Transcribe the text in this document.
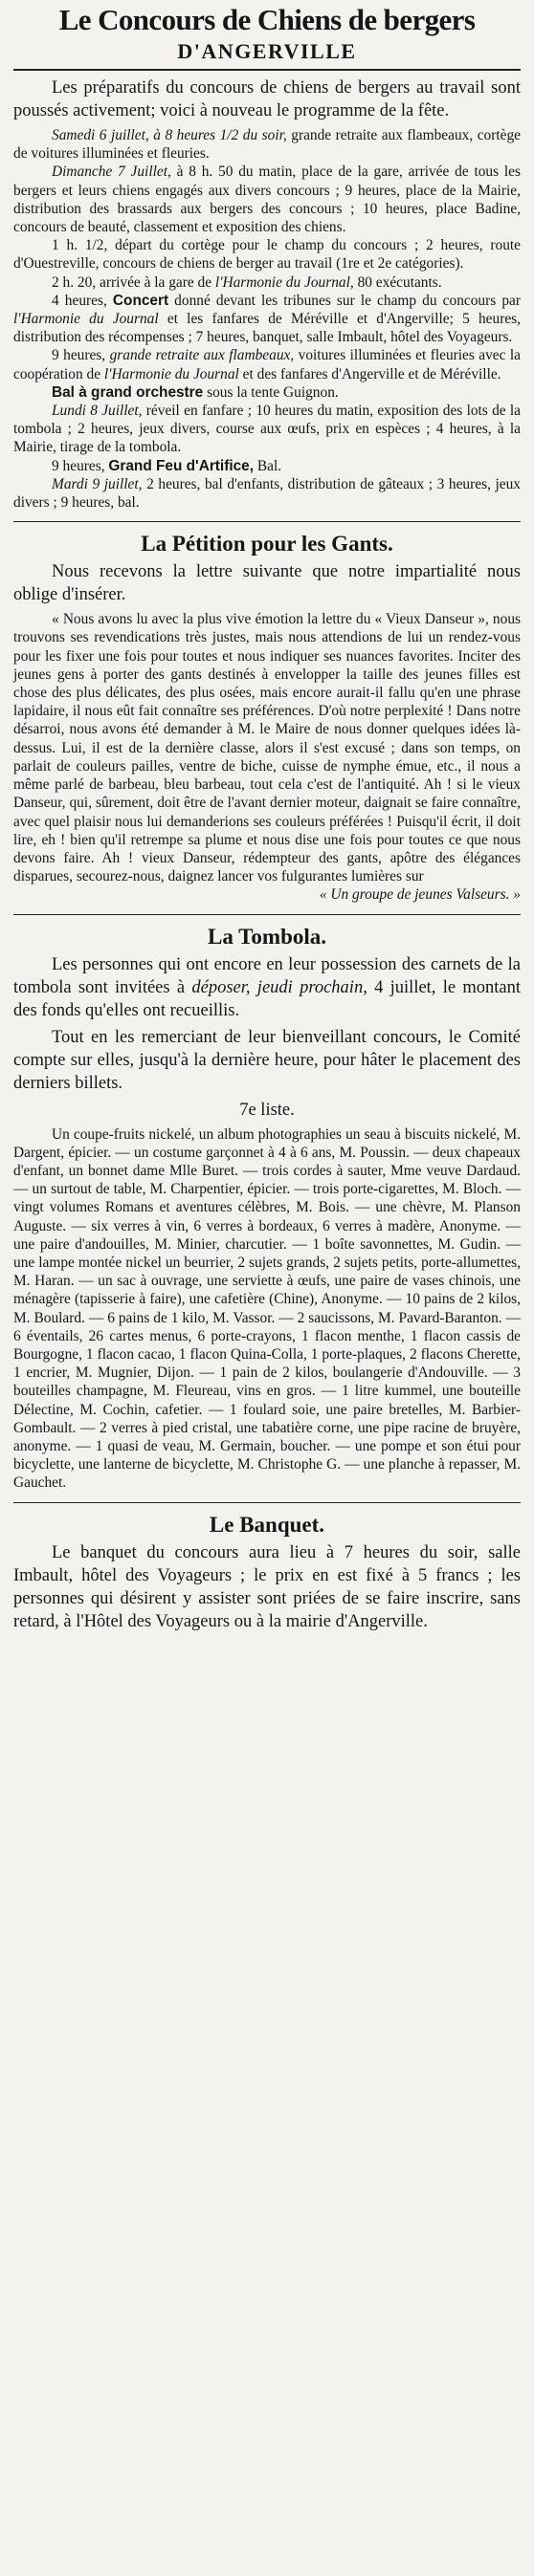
Le Concours de Chiens de bergers
D'ANGERVILLE

Les préparatifs du concours de chiens de bergers au travail sont poussés activement; voici à nouveau le programme de la fête.

Samedi 6 juillet, à 8 heures 1/2 du soir, grande retraite aux flambeaux, cortège de voitures illuminées et fleuries.

Dimanche 7 Juillet, à 8 h. 50 du matin, place de la gare, arrivée de tous les bergers et leurs chiens engagés aux divers concours ; 9 heures, place de la Mairie, distribution des brassards aux bergers des concours ; 10 heures, place Badine, concours de beauté, classement et exposition des chiens.

1 h. 1/2, départ du cortège pour le champ du concours ; 2 heures, route d'Ouestreville, concours de chiens de berger au travail (1re et 2e catégories).

2 h. 20, arrivée à la gare de l'Harmonie du Journal, 80 exécutants.

4 heures, Concert donné devant les tribunes sur le champ du concours par l'Harmonie du Journal et les fanfares de Méréville et d'Angerville; 5 heures, distribution des récompenses ; 7 heures, banquet, salle Imbault, hôtel des Voyageurs.

9 heures, grande retraite aux flambeaux, voitures illuminées et fleuries avec la coopération de l'Harmonie du Journal et des fanfares d'Angerville et de Méréville.

Bal à grand orchestre sous la tente Guignon.

Lundi 8 Juillet, réveil en fanfare ; 10 heures du matin, exposition des lots de la tombola ; 2 heures, jeux divers, course aux œufs, prix en espèces ; 4 heures, à la Mairie, tirage de la tombola.

9 heures, Grand Feu d'Artifice, Bal.

Mardi 9 juillet, 2 heures, bal d'enfants, distribution de gâteaux ; 3 heures, jeux divers ; 9 heures, bal.

La Pétition pour les Gants.

Nous recevons la lettre suivante que notre impartialité nous oblige d'insérer.

« Nous avons lu avec la plus vive émotion la lettre du « Vieux Danseur », nous trouvons ses revendications très justes, mais nous attendions de lui un rendez-vous pour les fixer une fois pour toutes et nous indiquer ses nuances favorites. Inciter des jeunes gens à porter des gants destinés à envelopper la taille des jeunes filles est chose des plus délicates, des plus osées, mais encore aurait-il fallu qu'en une phrase lapidaire, il nous eût fait connaître ses préférences. D'où notre perplexité ! Dans notre désarroi, nous avons été demander à M. le Maire de nous donner quelques idées là-dessus. Lui, il est de la dernière classe, alors il s'est excusé ; dans son temps, on parlait de couleurs pailles, ventre de biche, cuisse de nymphe émue, etc., il nous a même parlé de barbeau, bleu barbeau, tout cela c'est de l'antiquité. Ah ! si le vieux Danseur, qui, sûrement, doit être de l'avant dernier moteur, daignait se faire connaître, avec quel plaisir nous lui demanderions ses couleurs préférées ! Puisqu'il écrit, il doit lire, eh ! bien qu'il retrempe sa plume et nous dise une fois pour toutes ce que nous devons faire. Ah ! vieux Danseur, rédempteur des gants, apôtre des élégances disparues, secourez-nous, daignez lancer vos fulgurantes lumières sur

« Un groupe de jeunes Valseurs. »

La Tombola.

Les personnes qui ont encore en leur possession des carnets de la tombola sont invitées à déposer, jeudi prochain, 4 juillet, le montant des fonds qu'elles ont recueillis.

Tout en les remerciant de leur bienveillant concours, le Comité compte sur elles, jusqu'à la dernière heure, pour hâter le placement des derniers billets.

7e liste.

Un coupe-fruits nickelé, un album photographies un seau à biscuits nickelé, M. Dargent, épicier. — un costume garçonnet à 4 à 6 ans, M. Poussin. — deux chapeaux d'enfant, un bonnet dame Mlle Buret. — trois cordes à sauter, Mme veuve Dardaud. — un surtout de table, M. Charpentier, épicier. — trois porte-cigarettes, M. Bloch. — vingt volumes Romans et aventures célèbres, M. Bois. — une chèvre, M. Planson Auguste. — six verres à vin, 6 verres à bordeaux, 6 verres à madère, Anonyme. — une paire d'andouilles, M. Minier, charcutier. — 1 boîte savonnettes, M. Gudin. — une lampe montée nickel un beurrier, 2 sujets grands, 2 sujets petits, porte-allumettes, M. Haran. — un sac à ouvrage, une serviette à œufs, une paire de vases chinois, une ménagère (tapisserie à faire), une cafetière (Chine), Anonyme. — 10 pains de 2 kilos, M. Boulard. — 6 pains de 1 kilo, M. Vassor. — 2 saucissons, M. Pavard-Baranton. — 6 éventails, 26 cartes menus, 6 porte-crayons, 1 flacon menthe, 1 flacon cassis de Bourgogne, 1 flacon cacao, 1 flacon Quina-Colla, 1 porte-plaques, 2 flacons Cherette, 1 encrier, M. Mugnier, Dijon. — 1 pain de 2 kilos, boulangerie d'Andouville. — 3 bouteilles champagne, M. Fleureau, vins en gros. — 1 litre kummel, une bouteille Délectine, M. Cochin, cafetier. — 1 foulard soie, une paire bretelles, M. Barbier-Gombault. — 2 verres à pied cristal, une tabatière corne, une pipe racine de bruyère, anonyme. — 1 quasi de veau, M. Germain, boucher. — une pompe et son étui pour bicyclette, une lanterne de bicyclette, M. Christophe G. — une planche à repasser, M. Gauchet.

Le Banquet.

Le banquet du concours aura lieu à 7 heures du soir, salle Imbault, hôtel des Voyageurs ; le prix en est fixé à 5 francs ; les personnes qui désirent y assister sont priées de se faire inscrire, sans retard, à l'Hôtel des Voyageurs ou à la mairie d'Angerville.
